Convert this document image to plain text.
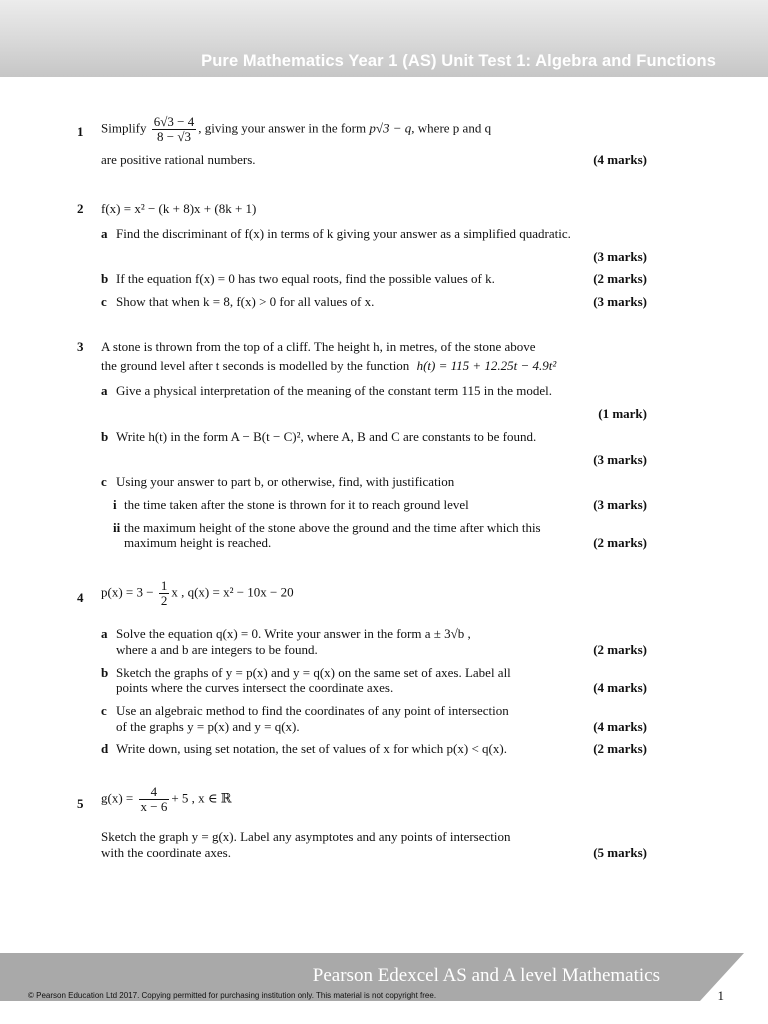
Pure Mathematics Year 1 (AS) Unit Test 1: Algebra and Functions
1 Simplify $\frac{6√3 - 4}{8 - √3}$ , giving your answer in the form p√3 − q, where p and q
are positive rational numbers.	(4 marks)
2 f(x) = x² − (k + 8)x + (8k + 1)
a Find the discriminant of f(x) in terms of k giving your answer as a simplified quadratic.
(3 marks)
b If the equation f(x) = 0 has two equal roots, find the possible values of k.	(2 marks)
c Show that when k = 8, f(x) > 0 for all values of x.	(3 marks)
3 A stone is thrown from the top of a cliff. The height h, in metres, of the stone above
the ground level after t seconds is modelled by the function h(t) = 115 + 12.25t − 4.9t²
a Give a physical interpretation of the meaning of the constant term 115 in the model.
(1 mark)
b Write h(t) in the form A − B(t − C)², where A, B and C are constants to be found.
(3 marks)
c Using your answer to part b, or otherwise, find, with justification
i the time taken after the stone is thrown for it to reach ground level	(3 marks)
ii the maximum height of the stone above the ground and the time after which this
maximum height is reached.	(2 marks)
4 $p(x) = 3 - \frac{1}{2}$ x , q(x) = x² − 10x − 20
a Solve the equation q(x) = 0. Write your answer in the form a ± 3√b ,
where a and b are integers to be found.	(2 marks)
b Sketch the graphs of y = p(x) and y = q(x) on the same set of axes. Label all
points where the curves intersect the coordinate axes.	(4 marks)
c Use an algebraic method to find the coordinates of any point of intersection
of the graphs y = p(x) and y = q(x).	(4 marks)
d Write down, using set notation, the set of values of x for which p(x) < q(x).	(2 marks)
5 $g(x) = \frac{4}{x - 6} + 5$ , x ∈ ℝ
Sketch the graph y = g(x). Label any asymptotes and any points of intersection
with the coordinate axes.	(5 marks)
Pearson Edexcel AS and A level Mathematics
© Pearson Education Ltd 2017. Copying permitted for purchasing institution only. This material is not copyright free.	1
